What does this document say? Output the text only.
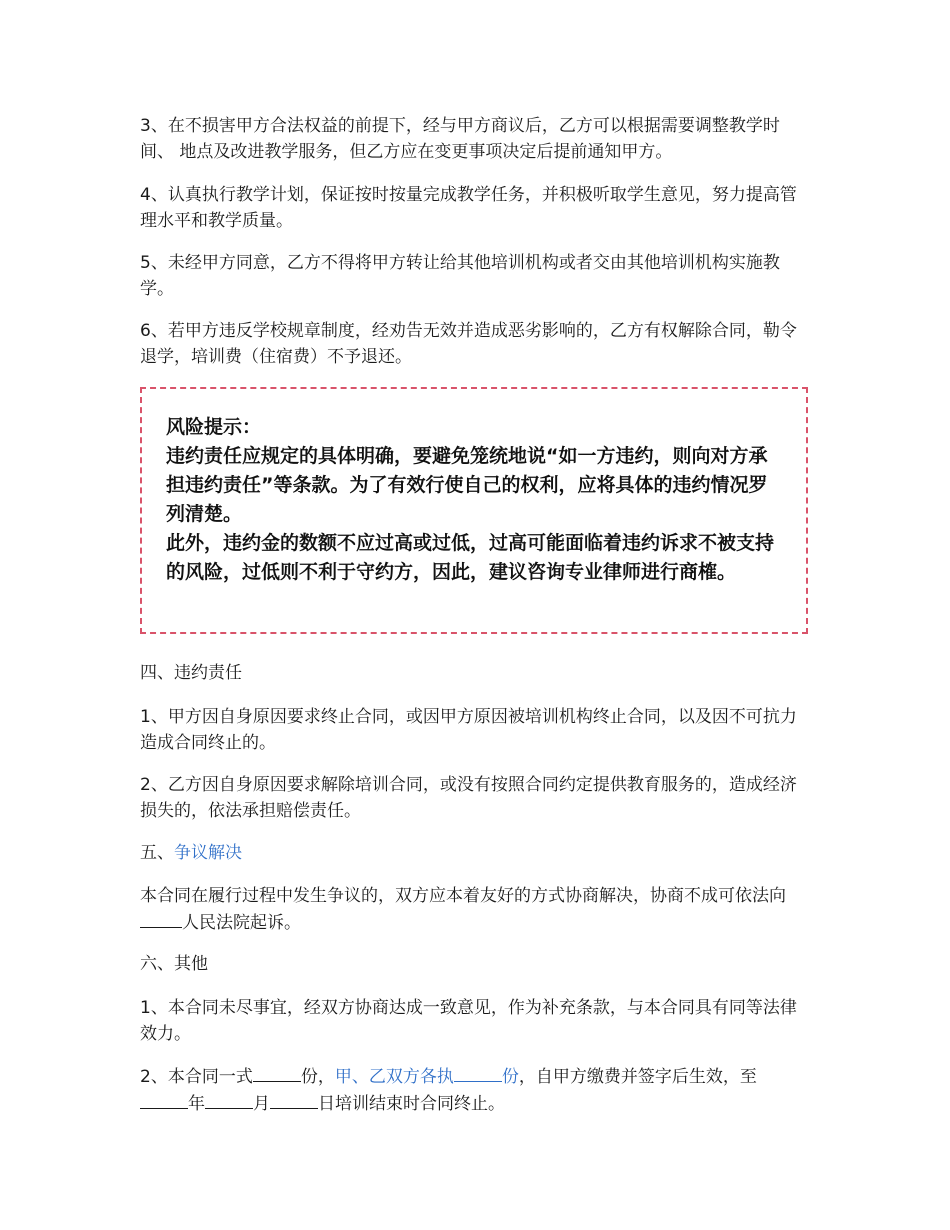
3、在不损害甲方合法权益的前提下，经与甲方商议后，乙方可以根据需要调整教学时间、 地点及改进教学服务，但乙方应在变更事项决定后提前通知甲方。

4、认真执行教学计划，保证按时按量完成教学任务，并积极听取学生意见，努力提高管理水平和教学质量。

5、未经甲方同意，乙方不得将甲方转让给其他培训机构或者交由其他培训机构实施教学。

6、若甲方违反学校规章制度，经劝告无效并造成恶劣影响的，乙方有权解除合同，勒令退学，培训费（住宿费）不予退还。

风险提示：
违约责任应规定的具体明确，要避免笼统地说“如一方违约，则向对方承担违约责任”等条款。为了有效行使自己的权利，应将具体的违约情况罗列清楚。
此外，违约金的数额不应过高或过低，过高可能面临着违约诉求不被支持的风险，过低则不利于守约方，因此，建议咨询专业律师进行商榷。

四、违约责任

1、甲方因自身原因要求终止合同，或因甲方原因被培训机构终止合同，以及因不可抗力造成合同终止的。

2、乙方因自身原因要求解除培训合同，或没有按照合同约定提供教育服务的，造成经济损失的，依法承担赔偿责任。

五、争议解决

本合同在履行过程中发生争议的，双方应本着友好的方式协商解决，协商不成可依法向人民法院起诉。

六、其他

1、本合同未尽事宜，经双方协商达成一致意见，作为补充条款，与本合同具有同等法律效力。

2、本合同一式	份，甲、乙双方各执	份，自甲方缴费并签字后生效，至
年	月	日培训结束时合同终止。
